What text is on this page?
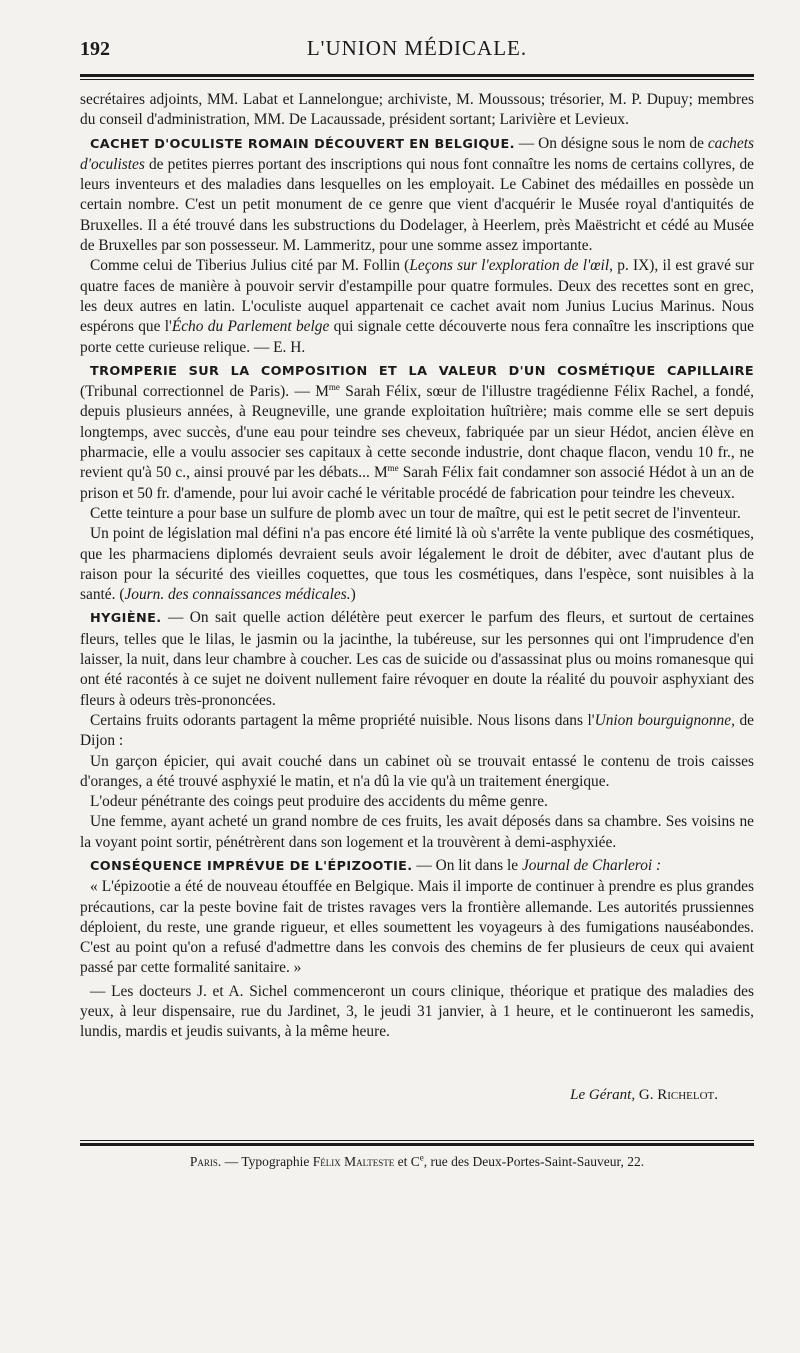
192	L'UNION MÉDICALE.

secrétaires adjoints, MM. Labat et Lannelongue; archiviste, M. Moussous; trésorier, M. P. Dupuy; membres du conseil d'administration, MM. De Lacaussade, président sortant; Larivière et Levieux.

CACHET D'OCULISTE ROMAIN DÉCOUVERT EN BELGIQUE. — On désigne sous le nom de cachets d'oculistes de petites pierres portant des inscriptions qui nous font connaître les noms de certains collyres, de leurs inventeurs et des maladies dans lesquelles on les employait. Le Cabinet des médailles en possède un certain nombre. C'est un petit monument de ce genre que vient d'acquérir le Musée royal d'antiquités de Bruxelles. Il a été trouvé dans les substructions du Dodelager, à Heerlem, près Maëstricht et cédé au Musée de Bruxelles par son possesseur. M. Lammeritz, pour une somme assez importante.

Comme celui de Tiberius Julius cité par M. Follin (Leçons sur l'exploration de l'œil, p. IX), il est gravé sur quatre faces de manière à pouvoir servir d'estampille pour quatre formules. Deux des recettes sont en grec, les deux autres en latin. L'oculiste auquel appartenait ce cachet avait nom Junius Lucius Marinus. Nous espérons que l'Écho du Parlement belge qui signale cette découverte nous fera connaître les inscriptions que porte cette curieuse relique. — E. H.

TROMPERIE SUR LA COMPOSITION ET LA VALEUR D'UN COSMÉTIQUE CAPILLAIRE (Tribunal correctionnel de Paris). — $M^{me}$ Sarah Félix, sœur de l'illustre tragédienne Félix Rachel, a fondé, depuis plusieurs années, à Reugneville, une grande exploitation huîtrière; mais comme elle se sert depuis longtemps, avec succès, d'une eau pour teindre ses cheveux, fabriquée par un sieur Hédot, ancien élève en pharmacie, elle a voulu associer ses capitaux à cette seconde industrie, dont chaque flacon, vendu 10 fr., ne revient qu'à 50 c., ainsi prouvé par les débats... $M^{me}$ Sarah Félix fait condamner son associé Hédot à un an de prison et 50 fr. d'amende, pour lui avoir caché le véritable procédé de fabrication pour teindre les cheveux.

Cette teinture a pour base un sulfure de plomb avec un tour de maître, qui est le petit secret de l'inventeur.

Un point de législation mal défini n'a pas encore été limité là où s'arrête la vente publique des cosmétiques, que les pharmaciens diplomés devraient seuls avoir légalement le droit de débiter, avec d'autant plus de raison pour la sécurité des vieilles coquettes, que tous les cosmétiques, dans l'espèce, sont nuisibles à la santé. (Journ. des connaissances médicales.)

HYGIÈNE. — On sait quelle action délétère peut exercer le parfum des fleurs, et surtout de certaines fleurs, telles que le lilas, le jasmin ou la jacinthe, la tubéreuse, sur les personnes qui ont l'imprudence d'en laisser, la nuit, dans leur chambre à coucher. Les cas de suicide ou d'assassinat plus ou moins romanesque qui ont été racontés à ce sujet ne doivent nullement faire révoquer en doute la réalité du pouvoir asphyxiant des fleurs à odeurs très-prononcées.

Certains fruits odorants partagent la même propriété nuisible. Nous lisons dans l'Union bourguignonne, de Dijon :

Un garçon épicier, qui avait couché dans un cabinet où se trouvait entassé le contenu de trois caisses d'oranges, a été trouvé asphyxié le matin, et n'a dû la vie qu'à un traitement énergique.

L'odeur pénétrante des coings peut produire des accidents du même genre.

Une femme, ayant acheté un grand nombre de ces fruits, les avait déposés dans sa chambre. Ses voisins ne la voyant point sortir, pénétrèrent dans son logement et la trouvèrent à demi-asphyxiée.

CONSÉQUENCE IMPRÉVUE DE L'ÉPIZOOTIE. — On lit dans le Journal de Charleroi :

« L'épizootie a été de nouveau étouffée en Belgique. Mais il importe de continuer à prendre es plus grandes précautions, car la peste bovine fait de tristes ravages vers la frontière allemande. Les autorités prussiennes déploient, du reste, une grande rigueur, et elles soumettent les voyageurs à des fumigations nauséabondes. C'est au point qu'on a refusé d'admettre dans les convois des chemins de fer plusieurs de ceux qui avaient passé par cette formalité sanitaire. »

— Les docteurs J. et A. Sichel commenceront un cours clinique, théorique et pratique des maladies des yeux, à leur dispensaire, rue du Jardinet, 3, le jeudi 31 janvier, à 1 heure, et le continueront les samedis, lundis, mardis et jeudis suivants, à la même heure.

Le Gérant, G. Richelot.
Paris. — Typographie Félix Malteste et Ce, rue des Deux-Portes-Saint-Sauveur, 22.
